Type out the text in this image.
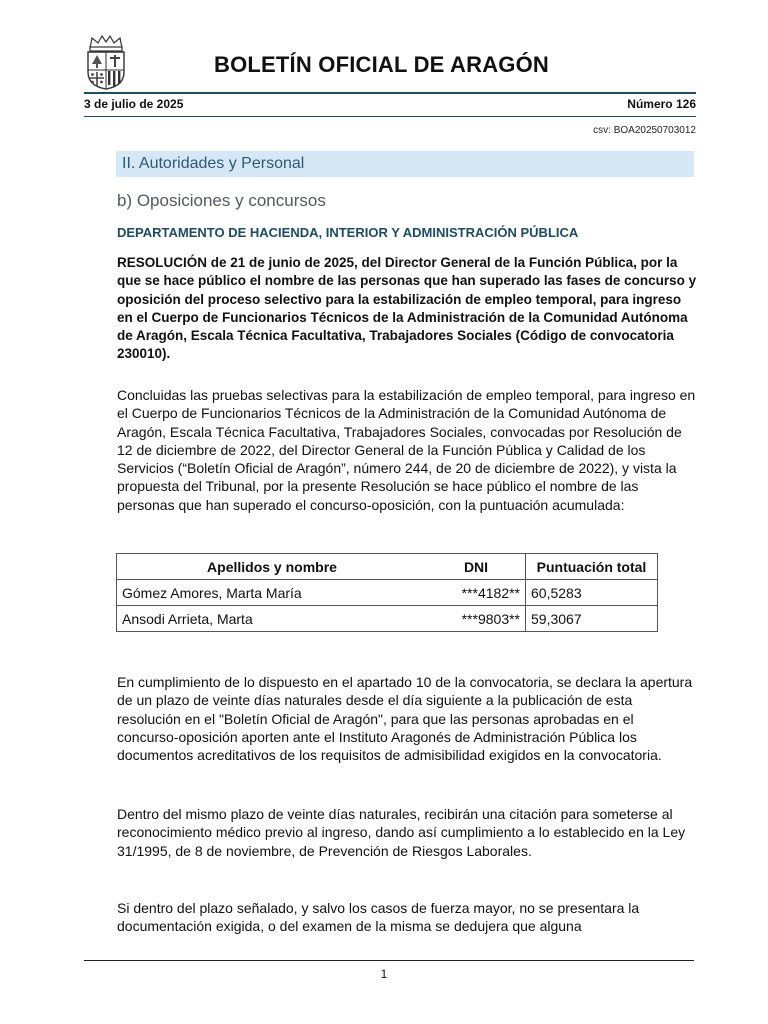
BOLETÍN OFICIAL DE ARAGÓN
3 de julio de 2025	Número 126
csv: BOA20250703012
II. Autoridades y Personal
b) Oposiciones y concursos
DEPARTAMENTO DE HACIENDA, INTERIOR Y ADMINISTRACIÓN PÚBLICA
RESOLUCIÓN de 21 de junio de 2025, del Director General de la Función Pública, por la que se hace público el nombre de las personas que han superado las fases de concurso y oposición del proceso selectivo para la estabilización de empleo temporal, para ingreso en el Cuerpo de Funcionarios Técnicos de la Administración de la Comunidad Autónoma de Aragón, Escala Técnica Facultativa, Trabajadores Sociales (Código de convocatoria 230010).
Concluidas las pruebas selectivas para la estabilización de empleo temporal, para ingreso en el Cuerpo de Funcionarios Técnicos de la Administración de la Comunidad Autónoma de Aragón, Escala Técnica Facultativa, Trabajadores Sociales, convocadas por Resolución de 12 de diciembre de 2022, del Director General de la Función Pública y Calidad de los Servicios (“Boletín Oficial de Aragón”, número 244, de 20 de diciembre de 2022), y vista la propuesta del Tribunal, por la presente Resolución se hace público el nombre de las personas que han superado el concurso-oposición, con la puntuación acumulada:
Apellidos y nombre	DNI	Puntuación total
Gómez Amores, Marta María	***4182**	60,5283
Ansodi Arrieta, Marta	***9803**	59,3067
En cumplimiento de lo dispuesto en el apartado 10 de la convocatoria, se declara la apertura de un plazo de veinte días naturales desde el día siguiente a la publicación de esta resolución en el "Boletín Oficial de Aragón", para que las personas aprobadas en el concurso-oposición aporten ante el Instituto Aragonés de Administración Pública los documentos acreditativos de los requisitos de admisibilidad exigidos en la convocatoria.
Dentro del mismo plazo de veinte días naturales, recibirán una citación para someterse al reconocimiento médico previo al ingreso, dando así cumplimiento a lo establecido en la Ley 31/1995, de 8 de noviembre, de Prevención de Riesgos Laborales.
Si dentro del plazo señalado, y salvo los casos de fuerza mayor, no se presentara la documentación exigida, o del examen de la misma se dedujera que alguna
1
